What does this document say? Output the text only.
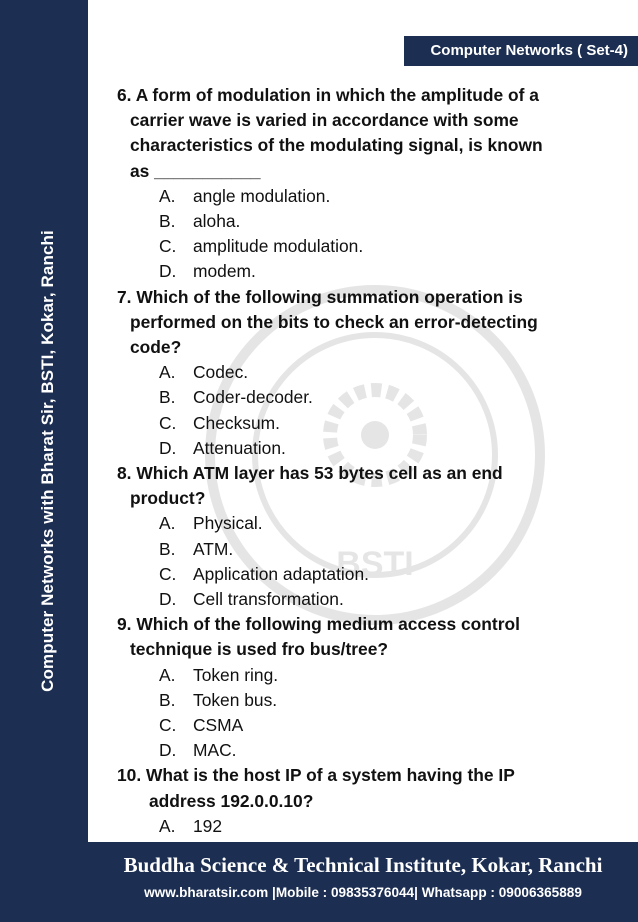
Computer Networks with Bharat Sir, BSTI, Kokar, Ranchi
Computer Networks ( Set-4)
BSTI
6. A form of modulation in which the amplitude of a
carrier wave is varied in accordance with some
characteristics of the modulating signal, is known
as ___________
A. angle modulation.
B. aloha.
C. amplitude modulation.
D. modem.
7. Which of the following summation operation is
performed on the bits to check an error-detecting
code?
A. Codec.
B. Coder-decoder.
C. Checksum.
D. Attenuation.
8. Which ATM layer has 53 bytes cell as an end
product?
A. Physical.
B. ATM.
C. Application adaptation.
D. Cell transformation.
9. Which of the following medium access control
technique is used fro bus/tree?
A. Token ring.
B. Token bus.
C. CSMA
D. MAC.
10. What is the host IP of a system having the IP
address 192.0.0.10?
A. 192
Buddha Science & Technical Institute, Kokar, Ranchi
www.bharatsir.com |Mobile : 09835376044| Whatsapp : 09006365889
